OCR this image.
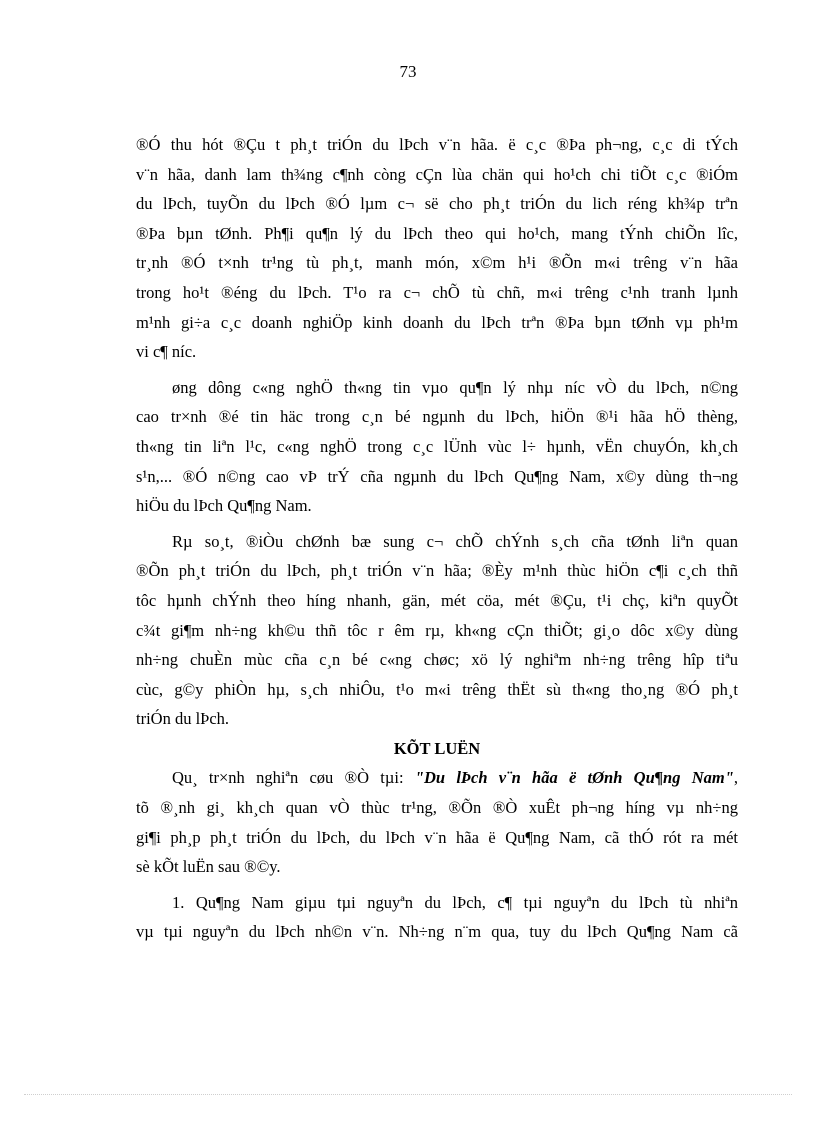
73
®Ó thu hót ®Çu t ph¸t triÓn du lÞch v¨n hãa. ë c¸c ®Þa ph¬ng, c¸c di tÝch
v¨n hãa, danh lam th¾ng c¶nh còng cÇn lùa chän qui ho¹ch chi tiÕt c¸c ®iÓm
du lÞch, tuyÕn du lÞch ®Ó lµm c¬ së cho ph¸t triÓn du lich réng kh¾p trªn
®Þa bµn tØnh. Ph¶i qu¶n lý du lÞch theo qui ho¹ch, mang tÝnh chiÕn lîc,
tr¸nh ®Ó t×nh tr¹ng tù ph¸t, manh món, x©m h¹i ®Õn m«i trêng v¨n hãa
trong ho¹t ®éng du lÞch. T¹o ra c¬ chÕ tù chñ, m«i trêng c¹nh tranh lµnh
m¹nh gi÷a c¸c doanh nghiÖp kinh doanh du lÞch trªn ®Þa bµn tØnh vµ ph¹m
vi c¶ níc.
øng dông c«ng nghÖ th«ng tin vµo qu¶n lý nhµ níc vÒ du lÞch, n©ng
cao tr×nh ®é tin häc trong c¸n bé ngµnh du lÞch, hiÖn ®¹i hãa hÖ thèng,
th«ng tin liªn l¹c, c«ng nghÖ trong c¸c lÜnh vùc l÷ hµnh, vËn chuyÓn, kh¸ch
s¹n,... ®Ó n©ng cao vÞ trÝ cña ngµnh du lÞch Qu¶ng Nam, x©y dùng th¬ng
hiÖu du lÞch Qu¶ng Nam.
Rµ so¸t, ®iÒu chØnh bæ sung c¬ chÕ chÝnh s¸ch cña tØnh liªn quan
®Õn ph¸t triÓn du lÞch, ph¸t triÓn v¨n hãa; ®Èy m¹nh thùc hiÖn c¶i c¸ch thñ
tôc hµnh chÝnh theo híng nhanh, gän, mét cöa, mét ®Çu, t¹i chç, kiªn quyÕt
c¾t gi¶m nh÷ng kh©u thñ tôc r êm rµ, kh«ng cÇn thiÕt; gi¸o dôc x©y dùng
nh÷ng chuÈn mùc cña c¸n bé c«ng chøc; xö lý nghiªm nh÷ng trêng hîp tiªu
cùc, g©y phiÒn hµ, s¸ch nhiÔu, t¹o m«i trêng thËt sù th«ng tho¸ng ®Ó ph¸t
triÓn du lÞch.
KÕT LUËN
Qu¸ tr×nh nghiªn cøu ®Ò tµi: "Du lÞch v¨n hãa ë tØnh Qu¶ng Nam",
tõ ®¸nh gi¸ kh¸ch quan vÒ thùc tr¹ng, ®Õn ®Ò xuÊt ph¬ng híng vµ nh÷ng
gi¶i ph¸p ph¸t triÓn du lÞch, du lÞch v¨n hãa ë Qu¶ng Nam, cã thÓ rót ra mét
sè kÕt luËn sau ®©y.
1. Qu¶ng Nam giµu tµi nguyªn du lÞch, c¶ tµi nguyªn du lÞch tù nhiªn
vµ tµi nguyªn du lÞch nh©n v¨n. Nh÷ng n¨m qua, tuy du lÞch Qu¶ng Nam cã
